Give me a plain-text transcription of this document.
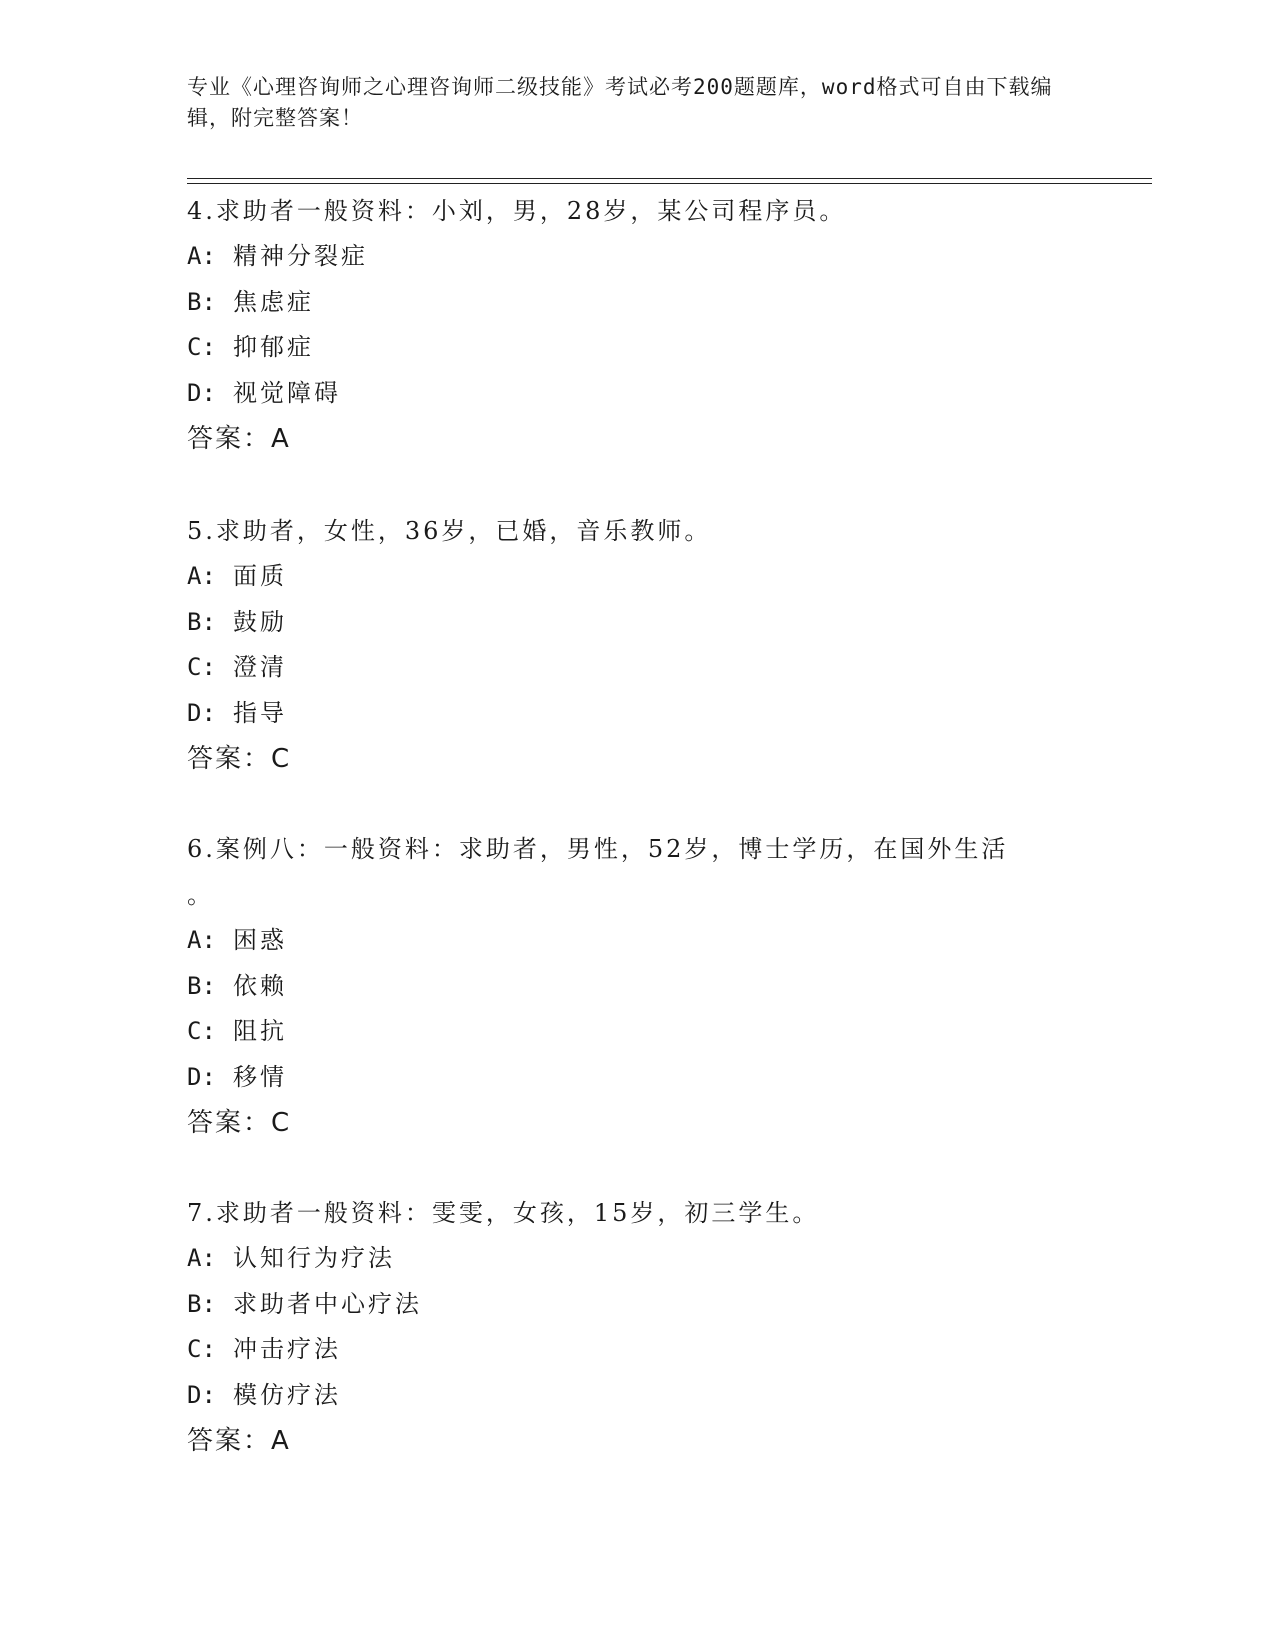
专业《心理咨询师之心理咨询师二级技能》考试必考200题题库，word格式可自由下载编辑，附完整答案！
4.求助者一般资料：小刘，男，28岁，某公司程序员。
A: 精神分裂症
B: 焦虑症
C: 抑郁症
D: 视觉障碍
答案：A
5.求助者，女性，36岁，已婚，音乐教师。
A: 面质
B: 鼓励
C: 澄清
D: 指导
答案：C
6.案例八：一般资料：求助者，男性，52岁，博士学历，在国外生活
。
A: 困惑
B: 依赖
C: 阻抗
D: 移情
答案：C
7.求助者一般资料：雯雯，女孩，15岁，初三学生。
A: 认知行为疗法
B: 求助者中心疗法
C: 冲击疗法
D: 模仿疗法
答案：A
